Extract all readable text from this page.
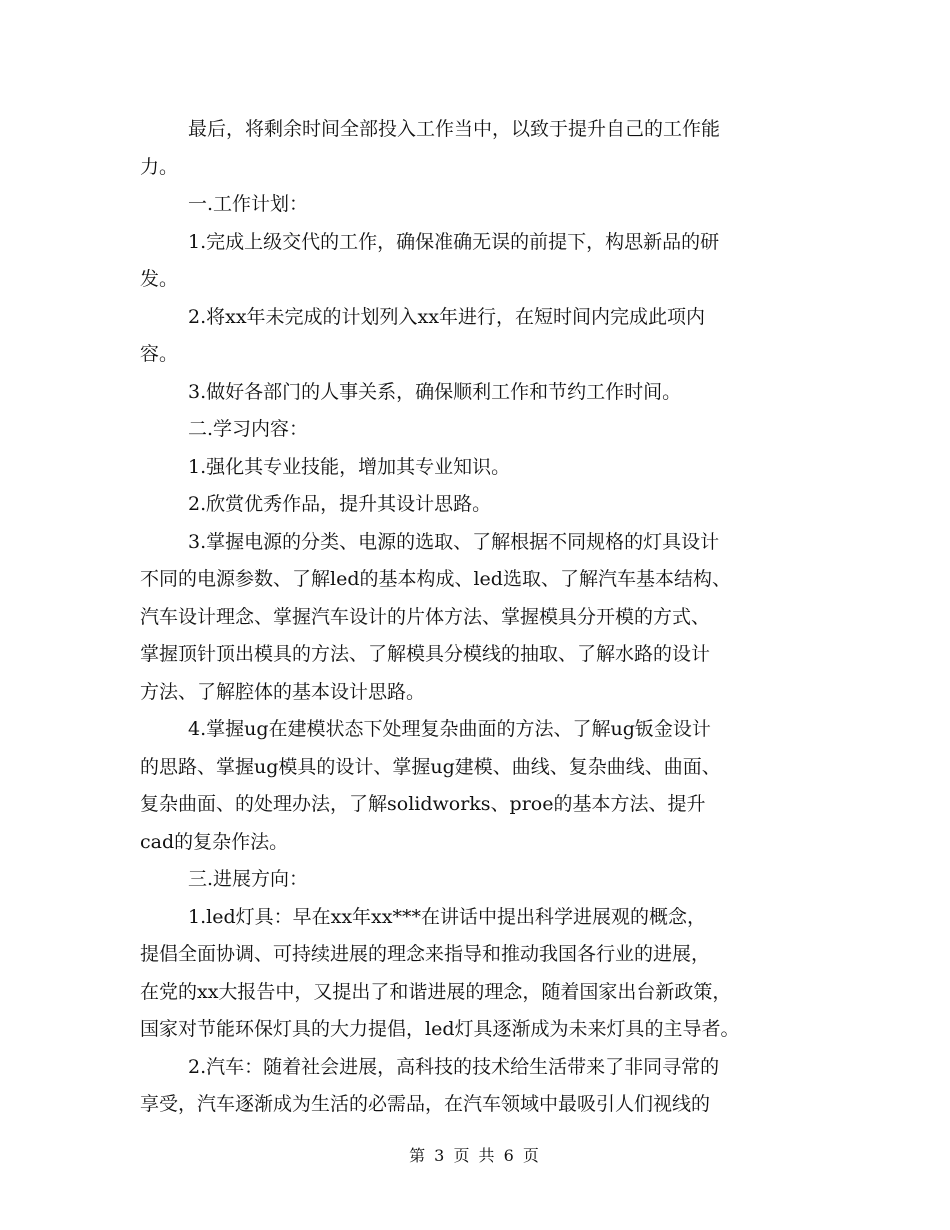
最后，将剩余时间全部投入工作当中，以致于提升自己的工作能
力。
一.工作计划：
1.完成上级交代的工作，确保准确无误的前提下，构思新品的研
发。
2.将xx年未完成的计划列入xx年进行，在短时间内完成此项内
容。
3.做好各部门的人事关系，确保顺利工作和节约工作时间。
二.学习内容：
1.强化其专业技能，增加其专业知识。
2.欣赏优秀作品，提升其设计思路。
3.掌握电源的分类、电源的选取、了解根据不同规格的灯具设计
不同的电源参数、了解led的基本构成、led选取、了解汽车基本结构、
汽车设计理念、掌握汽车设计的片体方法、掌握模具分开模的方式、
掌握顶针顶出模具的方法、了解模具分模线的抽取、了解水路的设计
方法、了解腔体的基本设计思路。
4.掌握ug在建模状态下处理复杂曲面的方法、了解ug钣金设计
的思路、掌握ug模具的设计、掌握ug建模、曲线、复杂曲线、曲面、
复杂曲面、的处理办法，了解solidworks、proe的基本方法、提升
cad的复杂作法。
三.进展方向：
1.led灯具：早在xx年xx***在讲话中提出科学进展观的概念，
提倡全面协调、可持续进展的理念来指导和推动我国各行业的进展，
在党的xx大报告中，又提出了和谐进展的理念，随着国家出台新政策，
国家对节能环保灯具的大力提倡，led灯具逐渐成为未来灯具的主导者。
2.汽车：随着社会进展，高科技的技术给生活带来了非同寻常的
享受，汽车逐渐成为生活的必需品，在汽车领域中最吸引人们视线的
第 3 页 共 6 页
